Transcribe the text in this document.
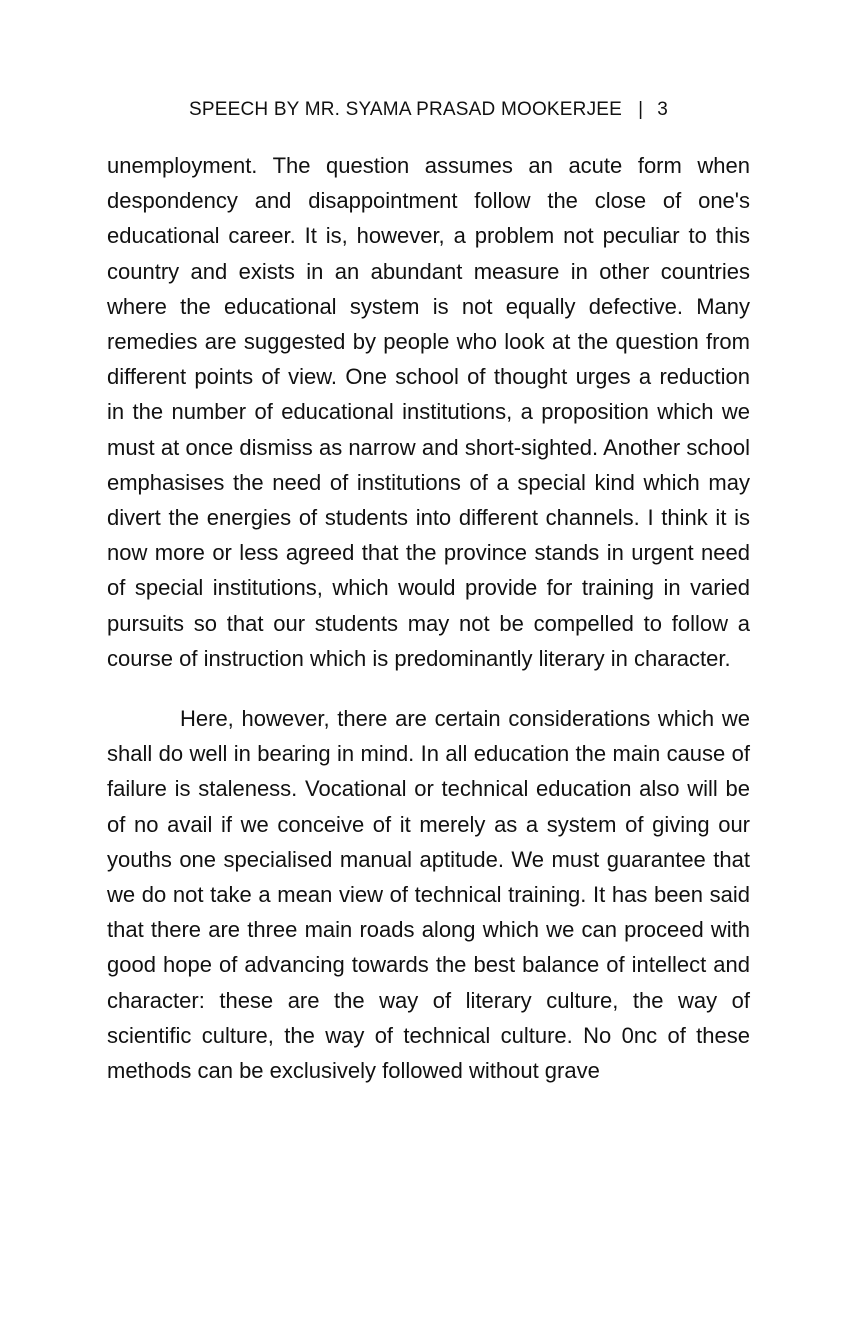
SPEECH BY MR. SYAMA PRASAD MOOKERJEE | 3

unemployment. The question assumes an acute form when despondency and disappointment follow the close of one's educational career. It is, however, a problem not peculiar to this country and exists in an abundant measure in other countries where the educational system is not equally defective. Many remedies are suggested by people who look at the question from different points of view. One school of thought urges a reduction in the number of educational institutions, a proposition which we must at once dismiss as narrow and short-sighted. Another school emphasises the need of institutions of a special kind which may divert the energies of students into different channels. I think it is now more or less agreed that the province stands in urgent need of special institutions, which would provide for training in varied pursuits so that our students may not be compelled to follow a course of instruction which is predominantly literary in character.

Here, however, there are certain considerations which we shall do well in bearing in mind. In all education the main cause of failure is staleness. Vocational or technical education also will be of no avail if we conceive of it merely as a system of giving our youths one specialised manual aptitude. We must guarantee that we do not take a mean view of technical training. It has been said that there are three main roads along which we can proceed with good hope of advancing towards the best balance of intellect and character: these are the way of literary culture, the way of scientific culture, the way of technical culture. No 0nc of these methods can be exclusively followed without grave
